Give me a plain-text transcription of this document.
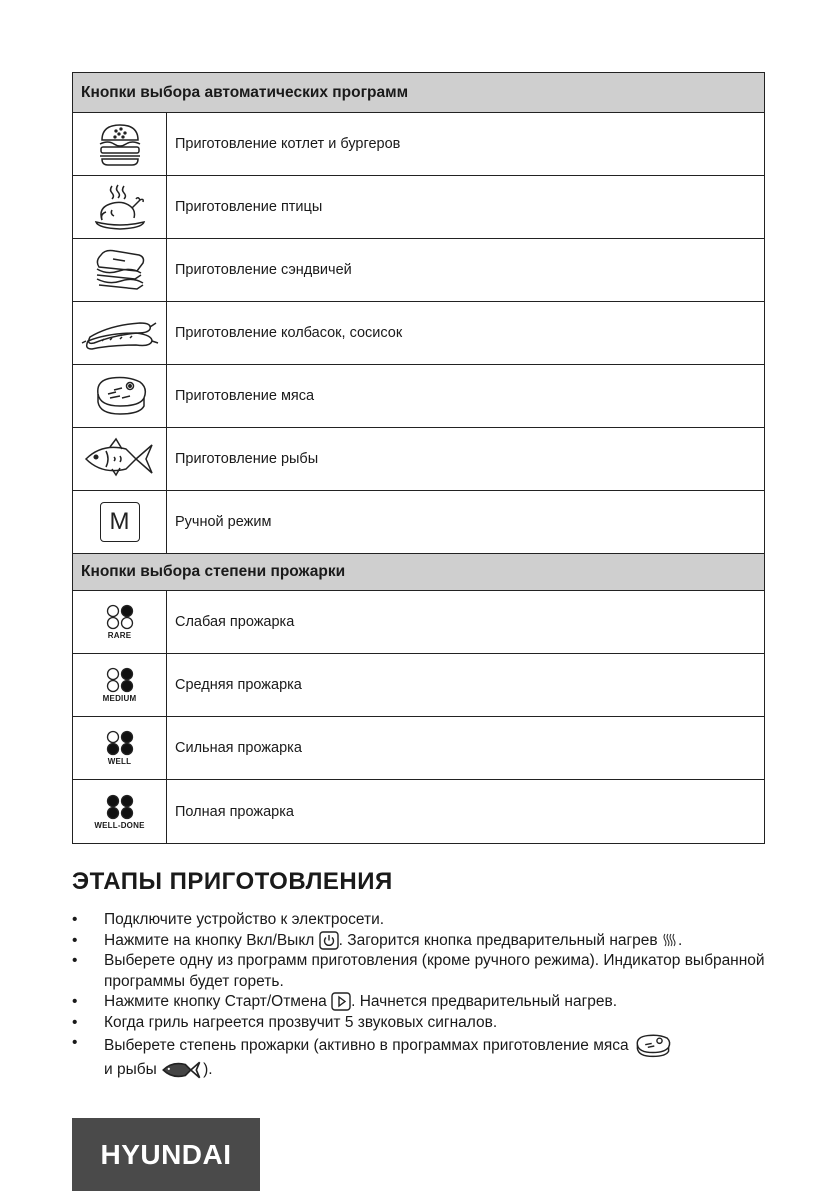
Кнопки выбора автоматических программ
Приготовление котлет и бургеров
Приготовление птицы
Приготовление сэндвичей
Приготовление колбасок, сосисок
Приготовление мяса
Приготовление рыбы
M	Ручной режим
Кнопки выбора степени прожарки
RARE
Слабая прожарка
MEDIUM
Средняя прожарка
WELL
Сильная прожарка
WELL-DONE
Полная прожарка
ЭТАПЫ ПРИГОТОВЛЕНИЯ
• Подключите устройство к электросети.
• Нажмите на кнопку Вкл/Выкл . Загорится кнопка предварительный нагрев .
• Выберете одну из программ приготовления (кроме ручного режима). Индикатор выбранной программы будет гореть.
• Нажмите кнопку Старт/Отмена . Начнется предварительный нагрев.
• Когда гриль нагреется прозвучит 5 звуковых сигналов.
• Выберете степень прожарки (активно в программах приготовление мяса
и рыбы	).
HYUNDAI
